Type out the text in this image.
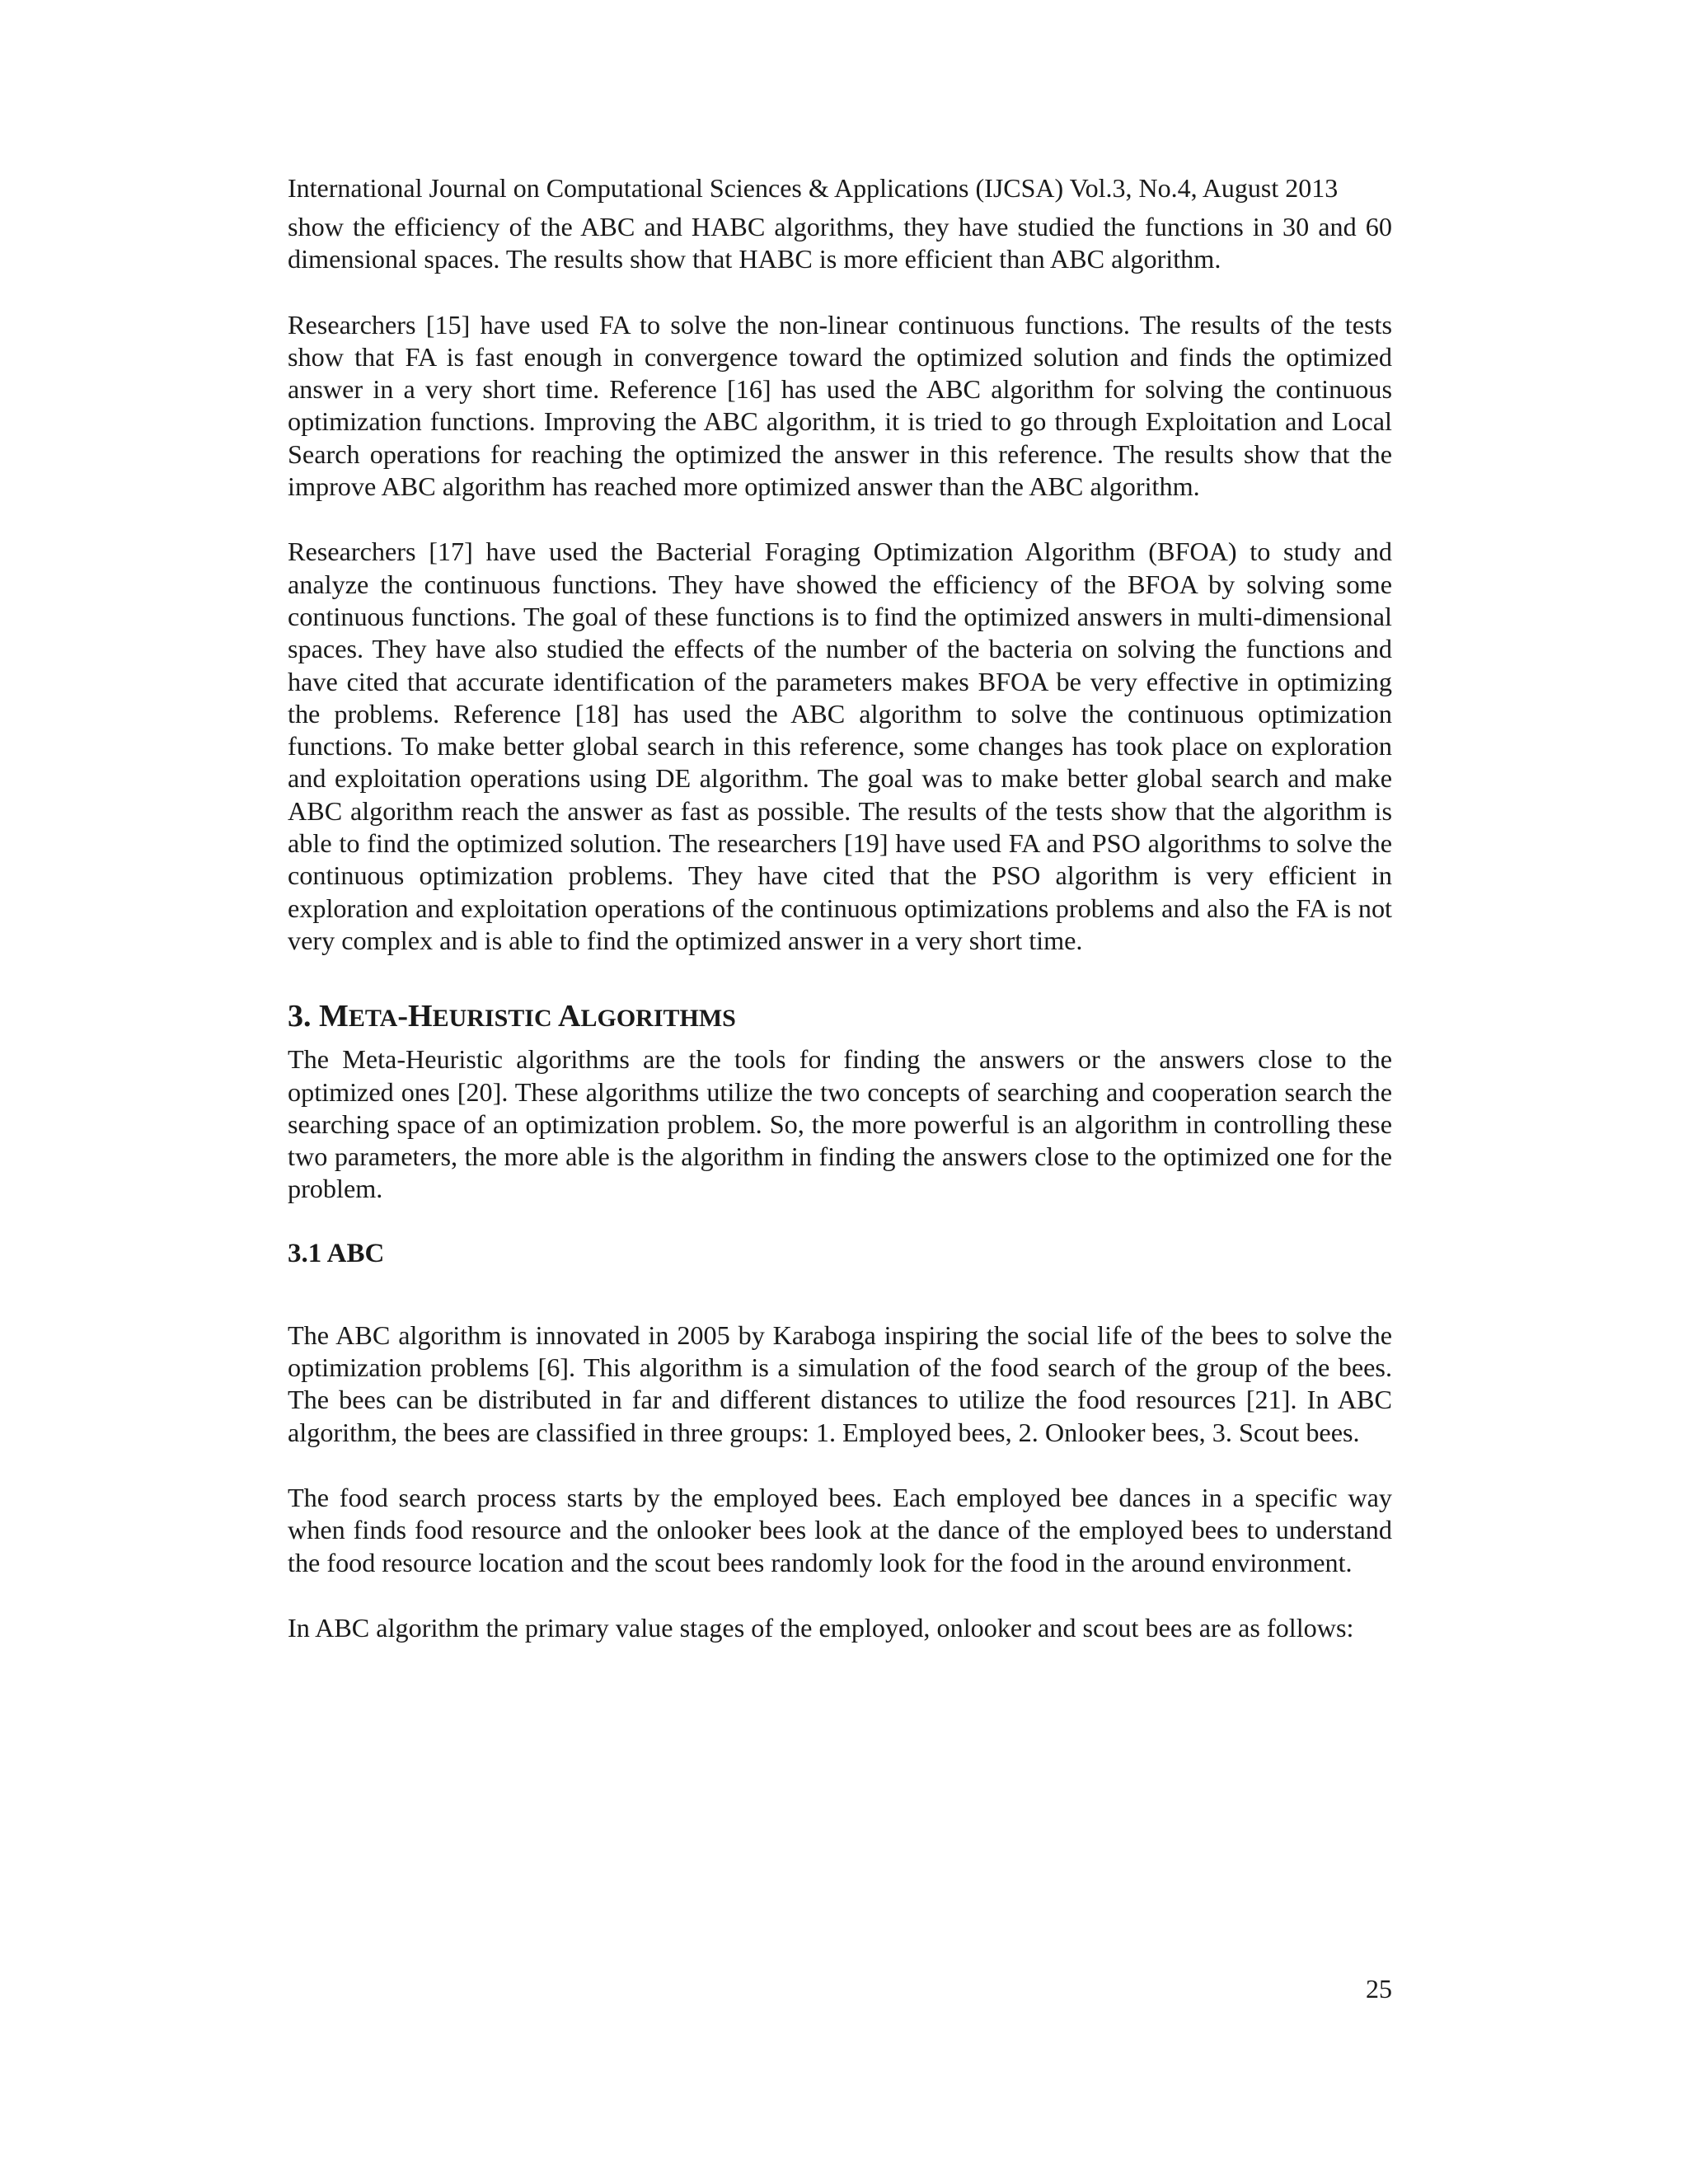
International Journal on Computational Sciences & Applications (IJCSA) Vol.3, No.4, August 2013

show the efficiency of the ABC and HABC algorithms, they have studied the functions in 30 and 60 dimensional spaces. The results show that HABC is more efficient than ABC algorithm.

Researchers [15] have used FA to solve the non-linear continuous functions. The results of the tests show that FA is fast enough in convergence toward the optimized solution and finds the optimized answer in a very short time. Reference [16] has used the ABC algorithm for solving the continuous optimization functions. Improving the ABC algorithm, it is tried to go through Exploitation and Local Search operations for reaching the optimized the answer in this reference. The results show that the improve ABC algorithm has reached more optimized answer than the ABC algorithm.

Researchers [17] have used the Bacterial Foraging Optimization Algorithm (BFOA) to study and analyze the continuous functions. They have showed the efficiency of the BFOA by solving some continuous functions. The goal of these functions is to find the optimized answers in multi-dimensional spaces. They have also studied the effects of the number of the bacteria on solving the functions and have cited that accurate identification of the parameters makes BFOA be very effective in optimizing the problems. Reference [18] has used the ABC algorithm to solve the continuous optimization functions. To make better global search in this reference, some changes has took place on exploration and exploitation operations using DE algorithm. The goal was to make better global search and make ABC algorithm reach the answer as fast as possible. The results of the tests show that the algorithm is able to find the optimized solution. The researchers [19] have used FA and PSO algorithms to solve the continuous optimization problems. They have cited that the PSO algorithm is very efficient in exploration and exploitation operations of the continuous optimizations problems and also the FA is not very complex and is able to find the optimized answer in a very short time.

3. META-HEURISTIC ALGORITHMS

The Meta-Heuristic algorithms are the tools for finding the answers or the answers close to the optimized ones [20]. These algorithms utilize the two concepts of searching and cooperation search the searching space of an optimization problem. So, the more powerful is an algorithm in controlling these two parameters, the more able is the algorithm in finding the answers close to the optimized one for the problem.

3.1 ABC

The ABC algorithm is innovated in 2005 by Karaboga inspiring the social life of the bees to solve the optimization problems [6]. This algorithm is a simulation of the food search of the group of the bees. The bees can be distributed in far and different distances to utilize the food resources [21]. In ABC algorithm, the bees are classified in three groups: 1. Employed bees, 2. Onlooker bees, 3. Scout bees.

The food search process starts by the employed bees. Each employed bee dances in a specific way when finds food resource and the onlooker bees look at the dance of the employed bees to understand the food resource location and the scout bees randomly look for the food in the around environment.

In ABC algorithm the primary value stages of the employed, onlooker and scout bees are as follows:

25
